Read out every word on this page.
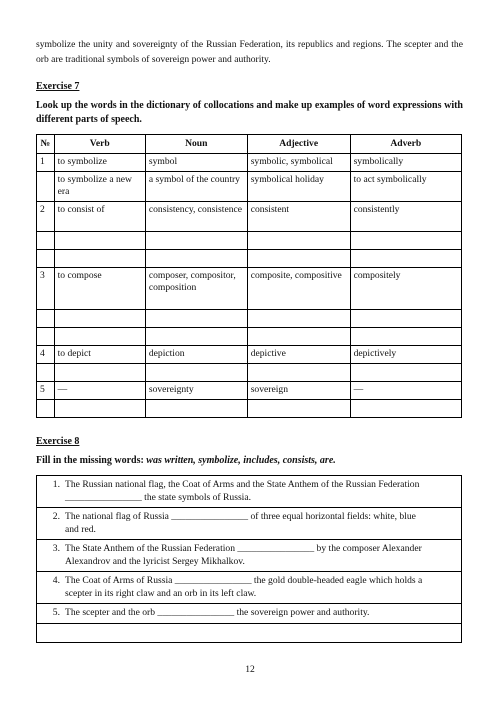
symbolize the unity and sovereignty of the Russian Federation, its republics and regions. The scepter and the orb are traditional symbols of sovereign power and authority.

Exercise 7

Look up the words in the dictionary of collocations and make up examples of word expressions with different parts of speech.

№	Verb	Noun	Adjective	Adverb
1	to symbolize	symbol	symbolic, symbolical	symbolically
	to symbolize a new era	a symbol of the country	symbolical holiday	to act symbolically
2	to consist of	consistency, consistence	consistent	consistently

3	to compose	composer, compositor, composition	composite, compositive	compositely

4	to depict	depiction	depictive	depictively

5	—	sovereignty	sovereign	—

Exercise 8

Fill in the missing words: was written, symbolize, includes, consists, are.

1. The Russian national flag, the Coat of Arms and the State Anthem of the Russian Federation ________________ the state symbols of Russia.
2. The national flag of Russia ________________ of three equal horizontal fields: white, blue and red.
3. The State Anthem of the Russian Federation ________________ by the composer Alexander Alexandrov and the lyricist Sergey Mikhalkov.
4. The Coat of Arms of Russia ________________ the gold double-headed eagle which holds a scepter in its right claw and an orb in its left claw.
5. The scepter and the orb ________________ the sovereign power and authority.

12
